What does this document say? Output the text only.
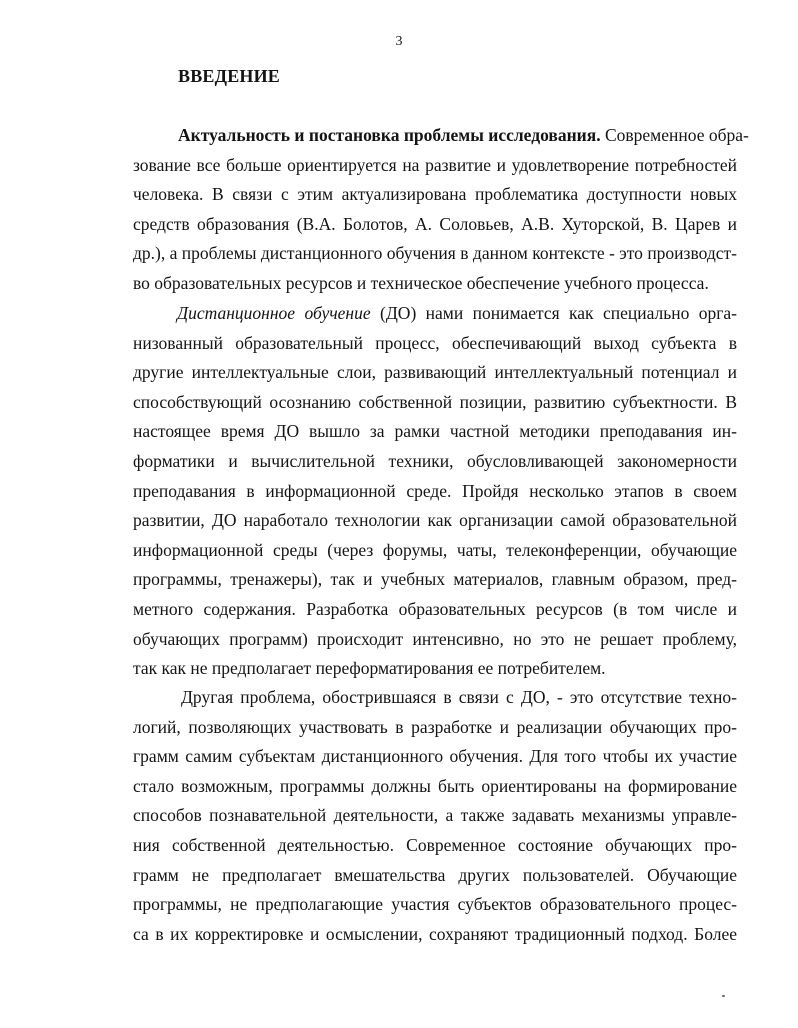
3
ВВЕДЕНИЕ
Актуальность и постановка проблемы исследования. Современное обра-
зование все больше ориентируется на развитие и удовлетворение потребностей
человека. В связи с этим актуализирована проблематика доступности новых
средств образования (В.А. Болотов, А. Соловьев, А.В. Хуторской, В. Царев и
др.), а проблемы дистанционного обучения в данном контексте - это производст-
во образовательных ресурсов и техническое обеспечение учебного процесса.
Дистанционное обучение (ДО) нами понимается как специально орга-
низованный образовательный процесс, обеспечивающий выход субъекта в
другие интеллектуальные слои, развивающий интеллектуальный потенциал и
способствующий осознанию собственной позиции, развитию субъектности. В
настоящее время ДО вышло за рамки частной методики преподавания ин-
форматики и вычислительной техники, обусловливающей закономерности
преподавания в информационной среде. Пройдя несколько этапов в своем
развитии, ДО наработало технологии как организации самой образовательной
информационной среды (через форумы, чаты, телеконференции, обучающие
программы, тренажеры), так и учебных материалов, главным образом, пред-
метного содержания. Разработка образовательных ресурсов (в том числе и
обучающих программ) происходит интенсивно, но это не решает проблему,
так как не предполагает переформатирования ее потребителем.
Другая проблема, обострившаяся в связи с ДО, - это отсутствие техно-
логий, позволяющих участвовать в разработке и реализации обучающих про-
грамм самим субъектам дистанционного обучения. Для того чтобы их участие
стало возможным, программы должны быть ориентированы на формирование
способов познавательной деятельности, а также задавать механизмы управле-
ния собственной деятельностью. Современное состояние обучающих про-
грамм не предполагает вмешательства других пользователей. Обучающие
программы, не предполагающие участия субъектов образовательного процес-
са в их корректировке и осмыслении, сохраняют традиционный подход. Более
